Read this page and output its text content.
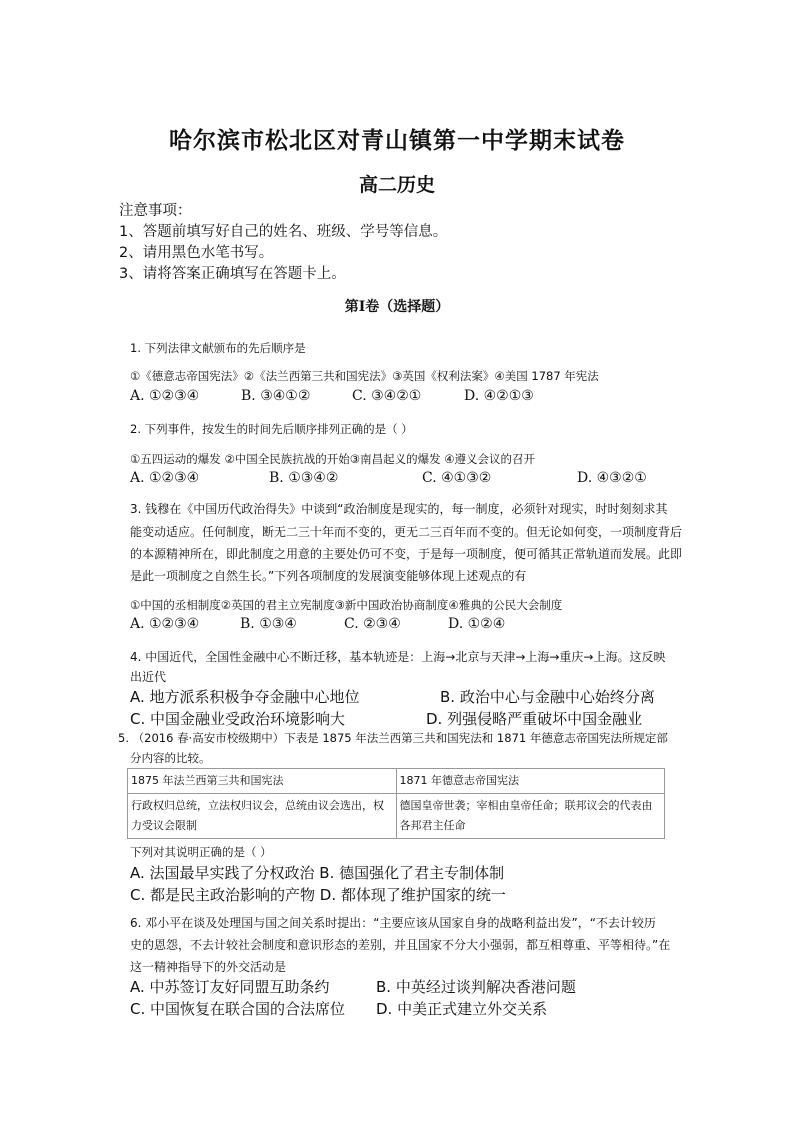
哈尔滨市松北区对青山镇第一中学期末试卷
高二历史
注意事项：
1、答题前填写好自己的姓名、班级、学号等信息。
2、请用黑色水笔书写。
3、请将答案正确填写在答题卡上。
第I卷（选择题）
1. 下列法律文献颁布的先后顺序是
①《德意志帝国宪法》②《法兰西第三共和国宪法》③英国《权利法案》④美国 1787 年宪法
A. ①②③④	B. ③④①②	C. ③④②①	D. ④②①③
2. 下列事件，按发生的时间先后顺序排列正确的是（ ）
①五四运动的爆发 ②中国全民族抗战的开始③南昌起义的爆发 ④遵义会议的召开
A. ①②③④	B. ①③④②	C. ④①③②	D. ④③②①
3. 钱穆在《中国历代政治得失》中谈到“政治制度是现实的，每一制度，必须针对现实，时时刻刻求其
能变动适应。任何制度，断无二三十年而不变的，更无二三百年而不变的。但无论如何变，一项制度背后
的本源精神所在，即此制度之用意的主要处仍可不变，于是每一项制度，便可循其正常轨道而发展。此即
是此一项制度之自然生长。”下列各项制度的发展演变能够体现上述观点的有
①中国的丞相制度②英国的君主立宪制度③新中国政治协商制度④雅典的公民大会制度
A. ①②③④	B. ①③④	C. ②③④	D. ①②④
4. 中国近代，全国性金融中心不断迁移，基本轨迹是：上海→北京与天津→上海→重庆→上海。这反映
出近代
A. 地方派系积极争夺金融中心地位	B. 政治中心与金融中心始终分离
C. 中国金融业受政治环境影响大	D. 列强侵略严重破坏中国金融业
5. （2016 春·高安市校级期中）下表是 1875 年法兰西第三共和国宪法和 1871 年德意志帝国宪法所规定部
分内容的比较。
1875 年法兰西第三共和国宪法	1871 年德意志帝国宪法
行政权归总统，立法权归议会，总统由议会选出，权力受议会限制	德国皇帝世袭；宰相由皇帝任命；联邦议会的代表由各邦君主任命
下列对其说明正确的是（ ）
A. 法国最早实践了分权政治 B. 德国强化了君主专制体制
C. 都是民主政治影响的产物 D. 都体现了维护国家的统一
6. 邓小平在谈及处理国与国之间关系时提出：“主要应该从国家自身的战略利益出发”，“不去计较历
史的恩怨，不去计较社会制度和意识形态的差别，并且国家不分大小强弱，都互相尊重、平等相待。”在
这一精神指导下的外交活动是
A. 中苏签订友好同盟互助条约	B. 中英经过谈判解决香港问题
C. 中国恢复在联合国的合法席位 D. 中美正式建立外交关系
